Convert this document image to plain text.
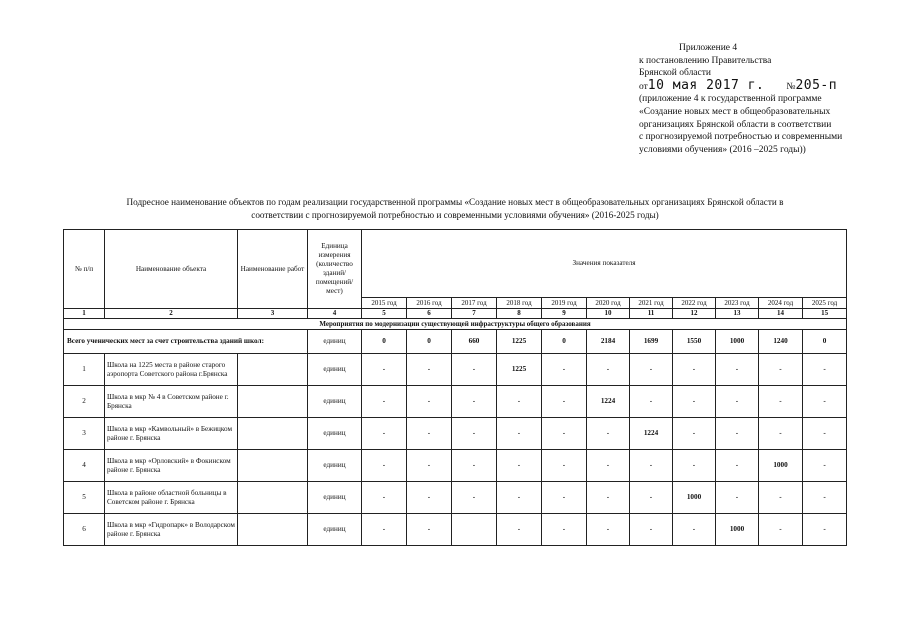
Приложение 4
к постановлению Правительства
Брянской области
от 10 мая 2017 г. № 205-п
(приложение 4 к государственной программе
«Создание новых мест в общеобразовательных
организациях Брянской области в соответствии
с прогнозируемой потребностью и современными
условиями обучения» (2016 –2025 годы))
Подресное наименование объектов по годам реализации государственной программы «Создание новых мест в общеобразовательных организациях Брянской области в
соответствии с прогнозируемой потребностью и современными условиями обучения» (2016-2025 годы)
№ п/п	Наименование объекта	Наименование работ	Единица измерения (количество зданий/помещений/мест)	Значения показателя										
				2015 год	2016 год	2017 год	2018 год	2019 год	2020 год	2021 год	2022 год	2023 год	2024 год	2025 год
1	2	3	4	5	6	7	8	9	10	11	12	13	14	15
Мероприятия по модернизации существующей инфраструктуры общего образования														
Всего ученических мест за счет строительства зданий школ:			единиц	0	0	660	1225	0	2184	1699	1550	1000	1240	0
1	Школа на 1225 места в районе старого аэропорта Советского района г.Брянска		единиц	-	-	-	1225	-	-	-	-	-	-	-
2	Школа в мкр № 4 в Советском районе г. Брянска		единиц	-	-	-	-	-	1224	-	-	-	-	-
3	Школа в мкр «Камвольный» в Бежицком районе г. Брянска		единиц	-	-	-	-	-	-	1224	-	-	-	-
4	Школа в мкр «Орловский» в Фокинском районе г. Брянска		единиц	-	-	-	-	-	-	-	-	-	1000	-
5	Школа в районе областной больницы в Советском районе г. Брянска		единиц	-	-	-	-	-	-	-	1000	-	-	-
6	Школа в мкр «Гидропарк» в Володарском районе г. Брянска		единиц	-	-		-	-	-	-	-	1000	-	-
